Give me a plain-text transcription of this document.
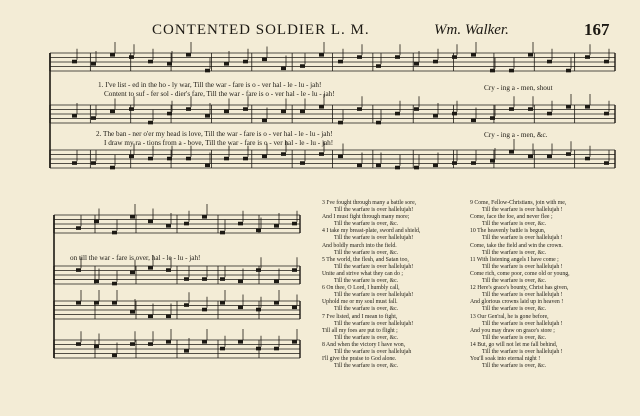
CONTENTED SOLDIER L. M.	Wm. Walker.	167
1. I've list - ed in the ho - ly war, Till the war - fare is o - ver hal - le - lu - jah!
Content to suf - fer sol - dier's fare, Till the war - fare is o - ver hal - le - lu - jah!
Cry - ing a - men, shout
2. The ban - ner o'er my head is love, Till the war - fare is o - ver hal - le - lu - jah!
I draw my ra - tions from a - bove, Till the war - fare is o - ver hal - le - lu - jah!
Cry - ing a - men, &c.
on till the war - fare is over, hal - le - lu - jah!

3 I've fought through many a battle sore,

Till the warfare is over hallelujah!

And I must fight through many more;

Till the warfare is over, &c.

4 I take my breast-plate, sword and shield,

Till the warfare is over hallelujah!

And boldly march into the field.

Till the warfare is over, &c.

5 The world, the flesh, and Satan too,

Till the warfare is over hallelujah!

Unite and strive what they can do ;

Till the warfare is over, &c.

6 On thee, O Lord, I humbly call,

Till the warfare is over hallelujah!

Uphold me or my soul must fall.

Till the warfare is over, &c.

7 I've listed, and I mean to fight,

Till the warfare is over hallelujah!

Till all my foes are put to flight ;

Till the warfare is over, &c.

8 And when the victory I have won,

Till the warfare is over hallelujah

I'll give the praise to God alone.

Till the warfare is over, &c.

9 Come, Fellow-Christians, join with me,

Till the warfare is over hallelujah !

Come, face the foe, and never flee ;

Till the warfare is over, &c.

10 The heavenly battle is begun,

Till the warfare is over hallelujah !

Come, take the field and win the crown.

Till the warfare is over, &c.

11 With listening angels I have come ;

Till the warfare is over hallelujah !

Come rich, come poor, come old or young,

Till the warfare is over, &c.

12 Here's grace's bounty, Christ has given,

Till the warfare is over hallelujah !

And glorious crowns laid up in heaven !

Till the warfare is over, &c.

13 Our Gen'ral, he is gone before,

Till the warfare is over hallelujah !

And you may draw on grace's store ;

Till the warfare is over, &c.

14 But, go will not let me fall behind,

Till the warfare is over hallelujah !

You'll soak into eternal night !

Till the warfare is over, &c.
